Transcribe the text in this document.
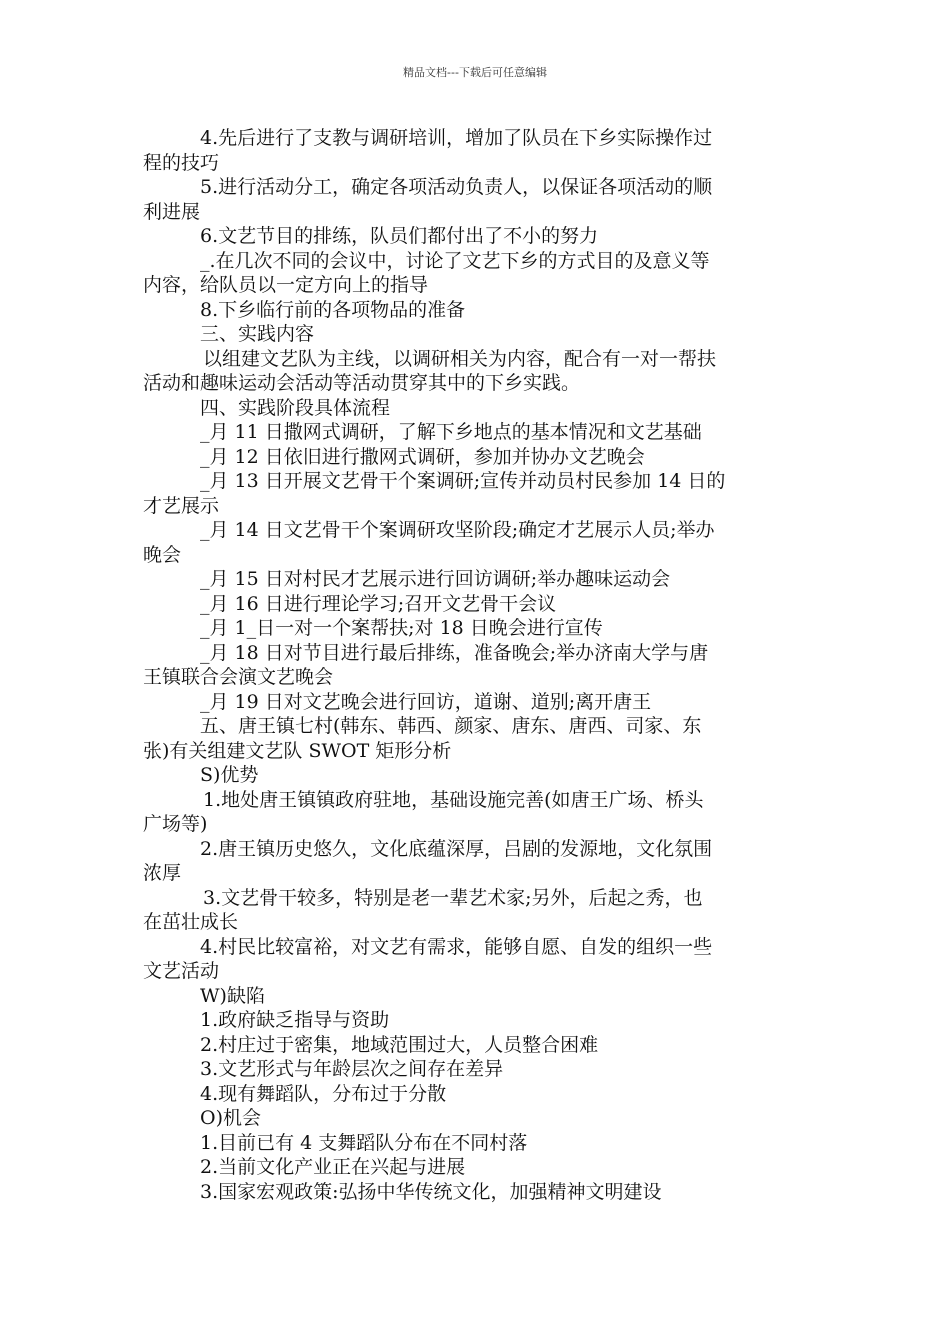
精品文档---下载后可任意编辑
4.先后进行了支教与调研培训，增加了队员在下乡实际操作过
程的技巧
5.进行活动分工，确定各项活动负责人，以保证各项活动的顺
利进展
6.文艺节目的排练，队员们都付出了不小的努力
_.在几次不同的会议中，讨论了文艺下乡的方式目的及意义等
内容，给队员以一定方向上的指导
8.下乡临行前的各项物品的准备
三、实践内容
以组建文艺队为主线，以调研相关为内容，配合有一对一帮扶
活动和趣味运动会活动等活动贯穿其中的下乡实践。
四、实践阶段具体流程
_月 11 日撒网式调研，了解下乡地点的基本情况和文艺基础
_月 12 日依旧进行撒网式调研，参加并协办文艺晚会
_月 13 日开展文艺骨干个案调研;宣传并动员村民参加 14 日的
才艺展示
_月 14 日文艺骨干个案调研攻坚阶段;确定才艺展示人员;举办
晚会
_月 15 日对村民才艺展示进行回访调研;举办趣味运动会
_月 16 日进行理论学习;召开文艺骨干会议
_月 1_日一对一个案帮扶;对 18 日晚会进行宣传
_月 18 日对节目进行最后排练，准备晚会;举办济南大学与唐
王镇联合会演文艺晚会
_月 19 日对文艺晚会进行回访，道谢、道别;离开唐王
五、唐王镇七村(韩东、韩西、颜家、唐东、唐西、司家、东
张)有关组建文艺队 SWOT 矩形分析
S)优势
1.地处唐王镇镇政府驻地，基础设施完善(如唐王广场、桥头
广场等)
2.唐王镇历史悠久，文化底蕴深厚，吕剧的发源地，文化氛围
浓厚
3.文艺骨干较多，特别是老一辈艺术家;另外，后起之秀，也
在茁壮成长
4.村民比较富裕，对文艺有需求，能够自愿、自发的组织一些
文艺活动
W)缺陷
1.政府缺乏指导与资助
2.村庄过于密集，地域范围过大，人员整合困难
3.文艺形式与年龄层次之间存在差异
4.现有舞蹈队，分布过于分散
O)机会
1.目前已有 4 支舞蹈队分布在不同村落
2.当前文化产业正在兴起与进展
3.国家宏观政策:弘扬中华传统文化，加强精神文明建设
